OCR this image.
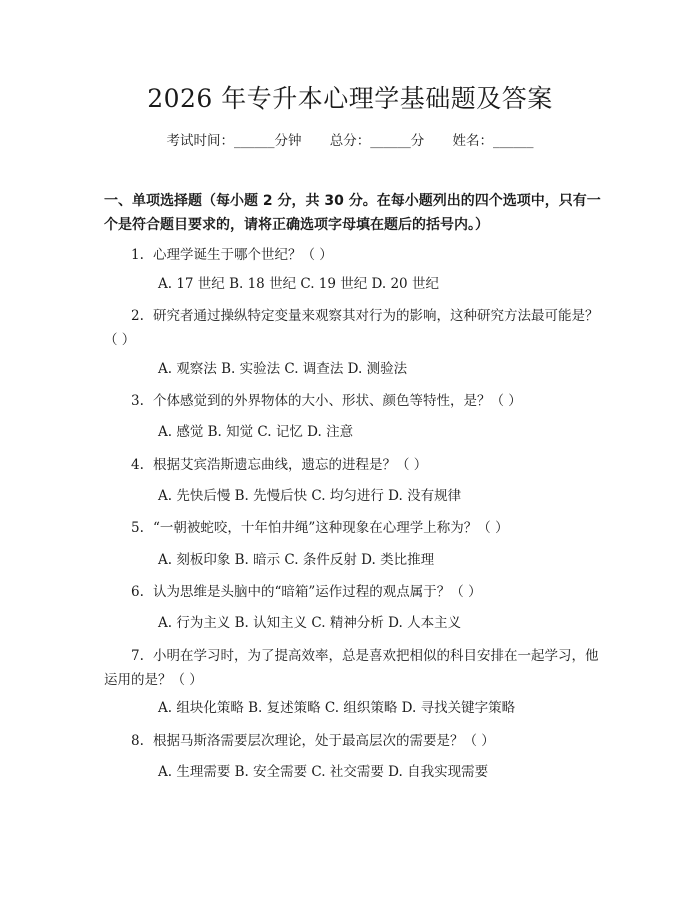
2026 年专升本心理学基础题及答案
考试时间：______分钟 总分：______分 姓名：______
一、单项选择题（每小题 2 分，共 30 分。在每小题列出的四个选项中，只有一个是符合题目要求的，请将正确选项字母填在题后的括号内。）
1. 心理学诞生于哪个世纪？（ ）
A. 17 世纪 B. 18 世纪 C. 19 世纪 D. 20 世纪
2. 研究者通过操纵特定变量来观察其对行为的影响，这种研究方法最可能是？（ ）
A. 观察法 B. 实验法 C. 调查法 D. 测验法
3. 个体感觉到的外界物体的大小、形状、颜色等特性，是？（ ）
A. 感觉 B. 知觉 C. 记忆 D. 注意
4. 根据艾宾浩斯遗忘曲线，遗忘的进程是？（ ）
A. 先快后慢 B. 先慢后快 C. 均匀进行 D. 没有规律
5. “一朝被蛇咬，十年怕井绳”这种现象在心理学上称为？（ ）
A. 刻板印象 B. 暗示 C. 条件反射 D. 类比推理
6. 认为思维是头脑中的“暗箱”运作过程的观点属于？（ ）
A. 行为主义 B. 认知主义 C. 精神分析 D. 人本主义
7. 小明在学习时，为了提高效率，总是喜欢把相似的科目安排在一起学习，他运用的是？（ ）
A. 组块化策略 B. 复述策略 C. 组织策略 D. 寻找关键字策略
8. 根据马斯洛需要层次理论，处于最高层次的需要是？（ ）
A. 生理需要 B. 安全需要 C. 社交需要 D. 自我实现需要
